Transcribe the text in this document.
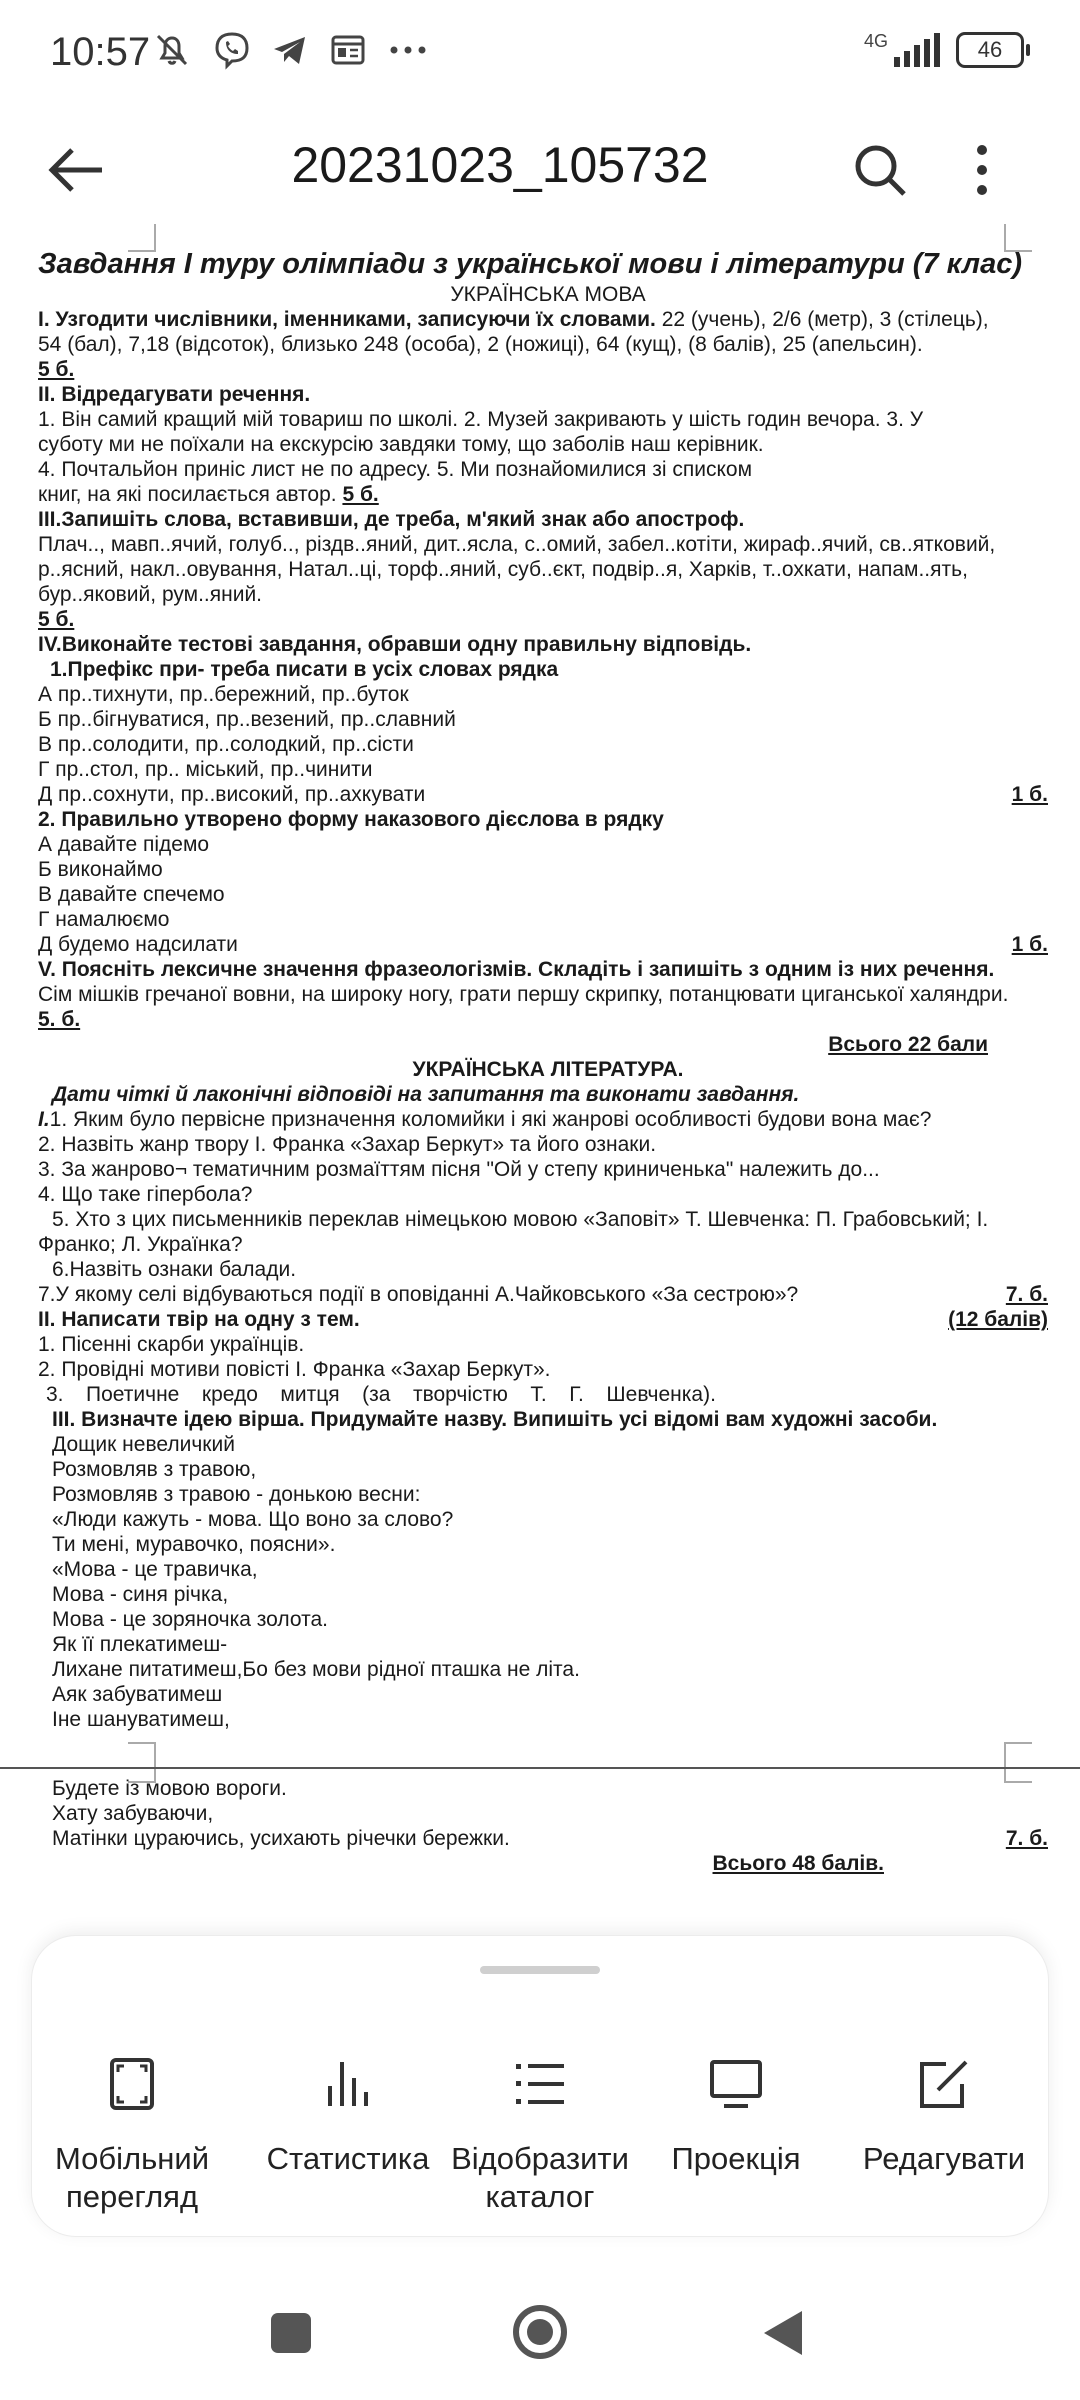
10:57	4G	46
20231023_105732
Завдання І туру олімпіади з української мови і літератури (7 клас)
УКРАЇНСЬКА МОВА
І. Узгодити числівники, іменниками, записуючи їх словами. 22 (учень), 2/6 (метр), 3 (стілець),
54 (бал), 7,18 (відсоток), близько 248 (особа), 2 (ножиці), 64 (кущ), (8 балів), 25 (апельсин).
5 б.
ІІ. Відредагувати речення.
1. Він самий кращий мій товариш по школі. 2. Музей закривають у шість годин вечора. 3. У
суботу ми не поїхали на екскурсію завдяки тому, що заболів наш керівник.
4. Почтальйон приніс лист не по адресу. 5. Ми познайомилися зі списком
книг, на які посилається автор. 5 б.
ІІІ.Запишіть слова, вставивши, де треба, м'який знак або апостроф.
Плач.., мавп..ячий, голуб.., різдв..яний, дит..ясла, с..омий, забел..котіти, жираф..ячий, св..ятковий,
р..ясний, накл..овування, Натал..ці, торф..яний, суб..єкт, подвір..я, Харків, т..охкати, напам..ять,
бур..яковий, рум..яний.
5 б.
ІV.Виконайте тестові завдання, обравши одну правильну відповідь.
1.Префікс при- треба писати в усіх словах рядка
А пр..тихнути, пр..бережний, пр..буток
Б пр..бігнуватися, пр..везений, пр..славний
В пр..солодити, пр..солодкий, пр..сісти
Г пр..стол, пр.. міський, пр..чинити
Д пр..сохнути, пр..високий, пр..ахкувати	1 б.
2. Правильно утворено форму наказового дієслова в рядку
А давайте підемо
Б виконаймо
В давайте спечемо
Г намалюємо
Д будемо надсилати	1 б.
V. Поясніть лексичне значення фразеологізмів. Складіть і запишіть з одним із них речення.
Сім мішків гречаної вовни, на широку ногу, грати першу скрипку, потанцювати циганської халяндри.
5. б.
Всього 22 бали
УКРАЇНСЬКА ЛІТЕРАТУРА.
Дати чіткі й лаконічні відповіді на запитання та виконати завдання.
І.1. Яким було первісне призначення коломийки і які жанрові особливості будови вона має?
2. Назвіть жанр твору І. Франка «Захар Беркут» та його ознаки.
3. За жанрово¬ тематичним розмаїттям пісня "Ой у степу криниченька" належить до...
4. Що таке гіпербола?
5. Хто з цих письменників переклав німецькою мовою «Заповіт» Т. Шевченка: П. Грабовський; І.
Франко; Л. Українка?
6.Назвіть ознаки балади.
7.У якому селі відбуваються події в оповіданні А.Чайковського «За сестрою»?	7. б.
ІІ. Написати твір на одну з тем.	(12 балів)
1. Пісенні скарби українців.
2. Провідні мотиви повісті І. Франка «Захар Беркут».
3. Поетичне кредо митця (за творчістю Т. Г. Шевченка).
ІІІ. Визначте ідею вірша. Придумайте назву. Випишіть усі відомі вам художні засоби.
Дощик невеличкий
Розмовляв з травою,
Розмовляв з травою - донькою весни:
«Люди кажуть - мова. Що воно за слово?
Ти мені, муравочко, поясни».
«Мова - це травичка,
Мова - синя річка,
Мова - це зоряночка золота.
Як її плекатимеш-
Лихане питатимеш,Бо без мови рідної пташка не літа.
Аяк забуватимеш
Іне шануватимеш,
Будете із мовою вороги.
Хату забуваючи,
Матінки цураючись, усихають річечки бережки.	7. б.
Всього 48 балів.
Мобільний
перегляд
Статистика Відобразити
каталог
Проекція	Редагувати
